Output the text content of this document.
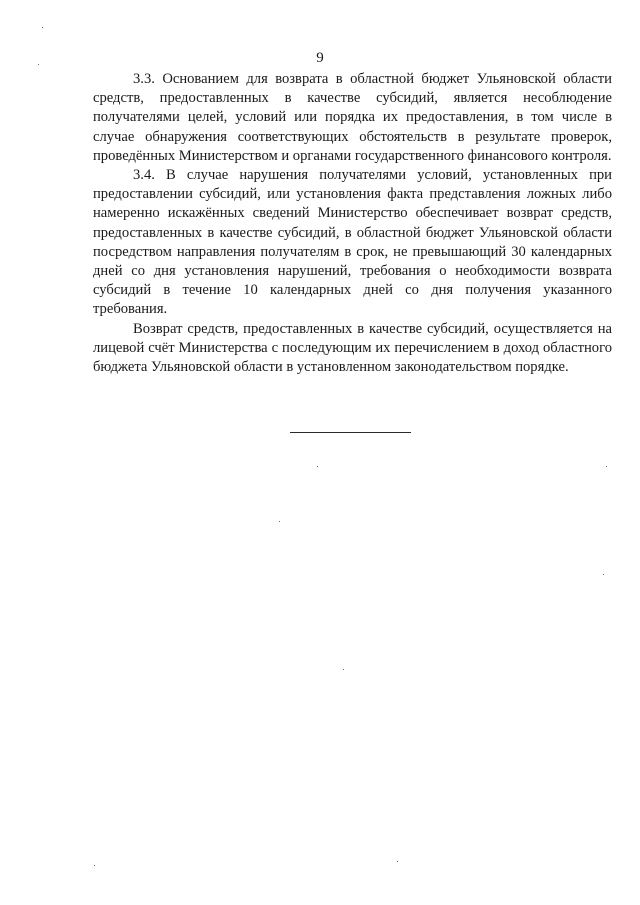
9

3.3. Основанием для возврата в областной бюджет Ульяновской области средств, предоставленных в качестве субсидий, является несоблюдение получателями целей, условий или порядка их предоставления, в том числе в случае обнаружения соответствующих обстоятельств в результате проверок, проведённых Министерством и органами государственного финансового контроля.

3.4. В случае нарушения получателями условий, установленных при предоставлении субсидий, или установления факта представления ложных либо намеренно искажённых сведений Министерство обеспечивает возврат средств, предоставленных в качестве субсидий, в областной бюджет Ульяновской области посредством направления получателям в срок, не превышающий 30 календарных дней со дня установления нарушений, требования о необходимости возврата субсидий в течение 10 календарных дней со дня получения указанного требования.

Возврат средств, предоставленных в качестве субсидий, осуществляется на лицевой счёт Министерства с последующим их перечислением в доход областного бюджета Ульяновской области в установленном законодательством порядке.
